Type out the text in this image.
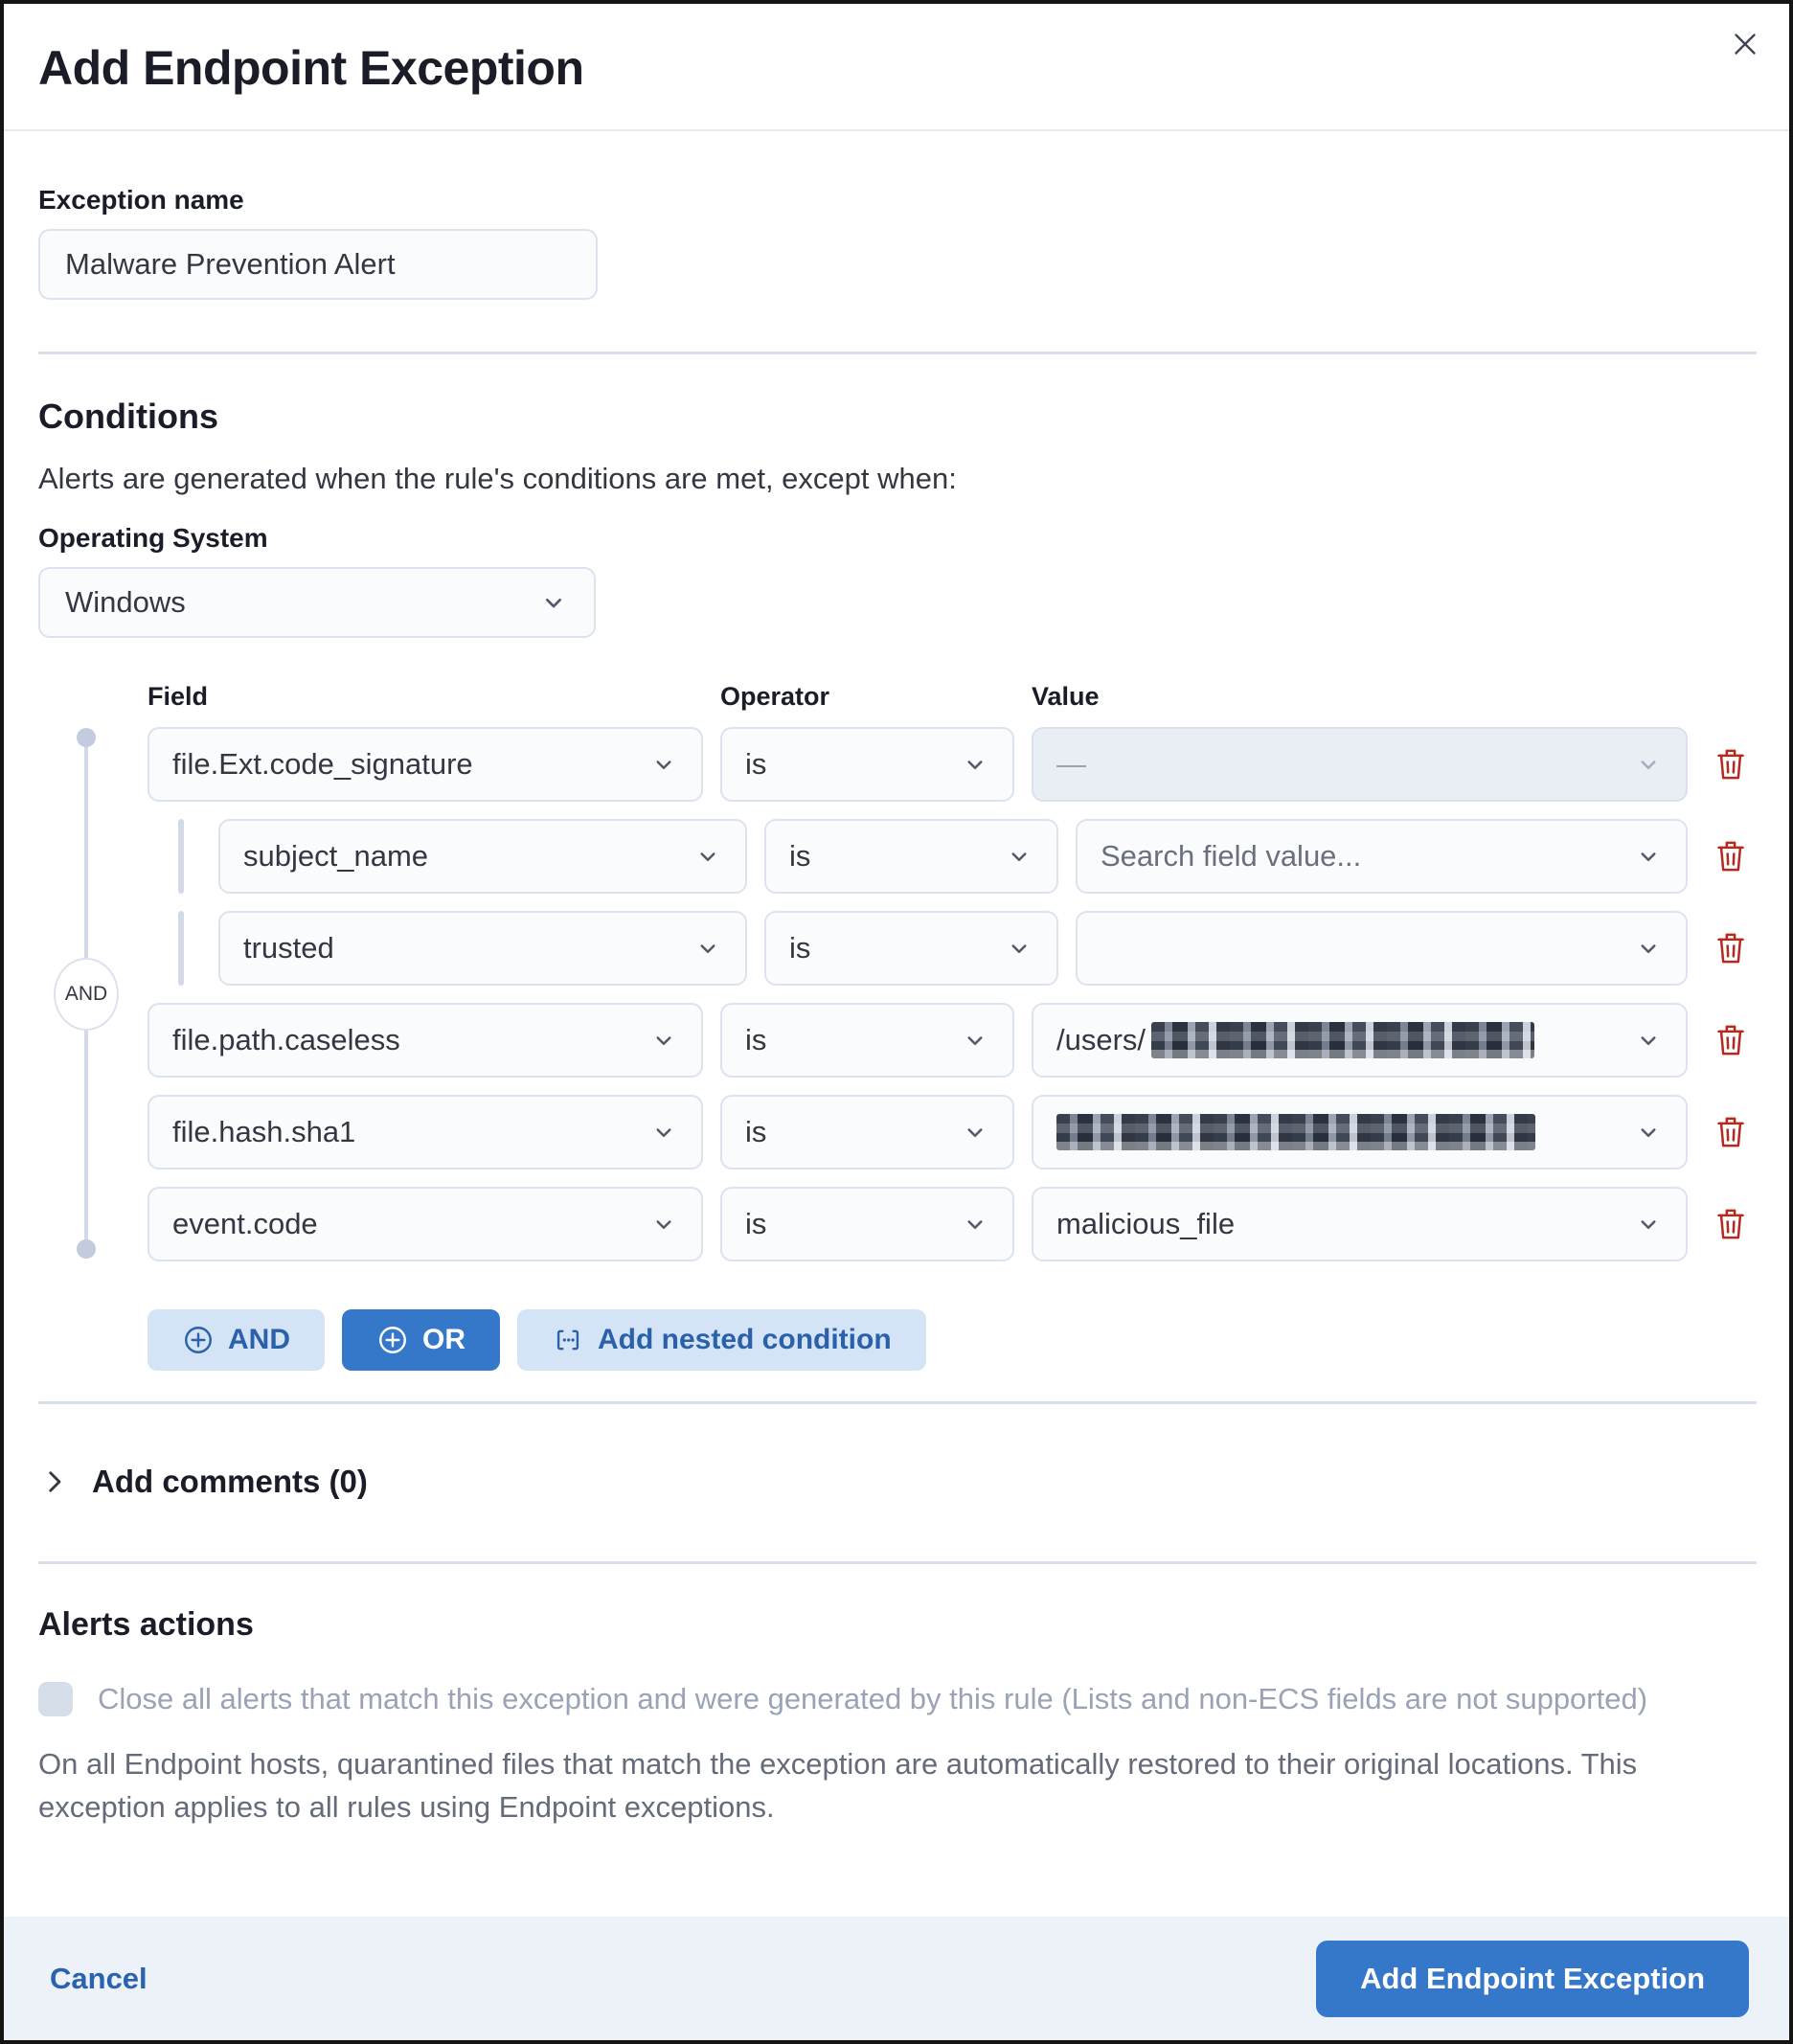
Add Endpoint Exception
Exception name
Malware Prevention Alert
Conditions
Alerts are generated when the rule's conditions are met, except when:
Operating System
Windows
AND
Field	Operator	Value
file.Ext.code_signature	is	—
subject_name	is	Search field value...
trusted	is
file.path.caseless	is	/users/
file.hash.sha1	is
event.code	is	malicious_file
AND	OR	Add nested condition
Add comments (0)
Alerts actions
Close all alerts that match this exception and were generated by this rule (Lists and non-ECS fields are not supported)

On all Endpoint hosts, quarantined files that match the exception are automatically restored to their original locations. This exception applies to all rules using Endpoint exceptions.

Cancel	Add Endpoint Exception
